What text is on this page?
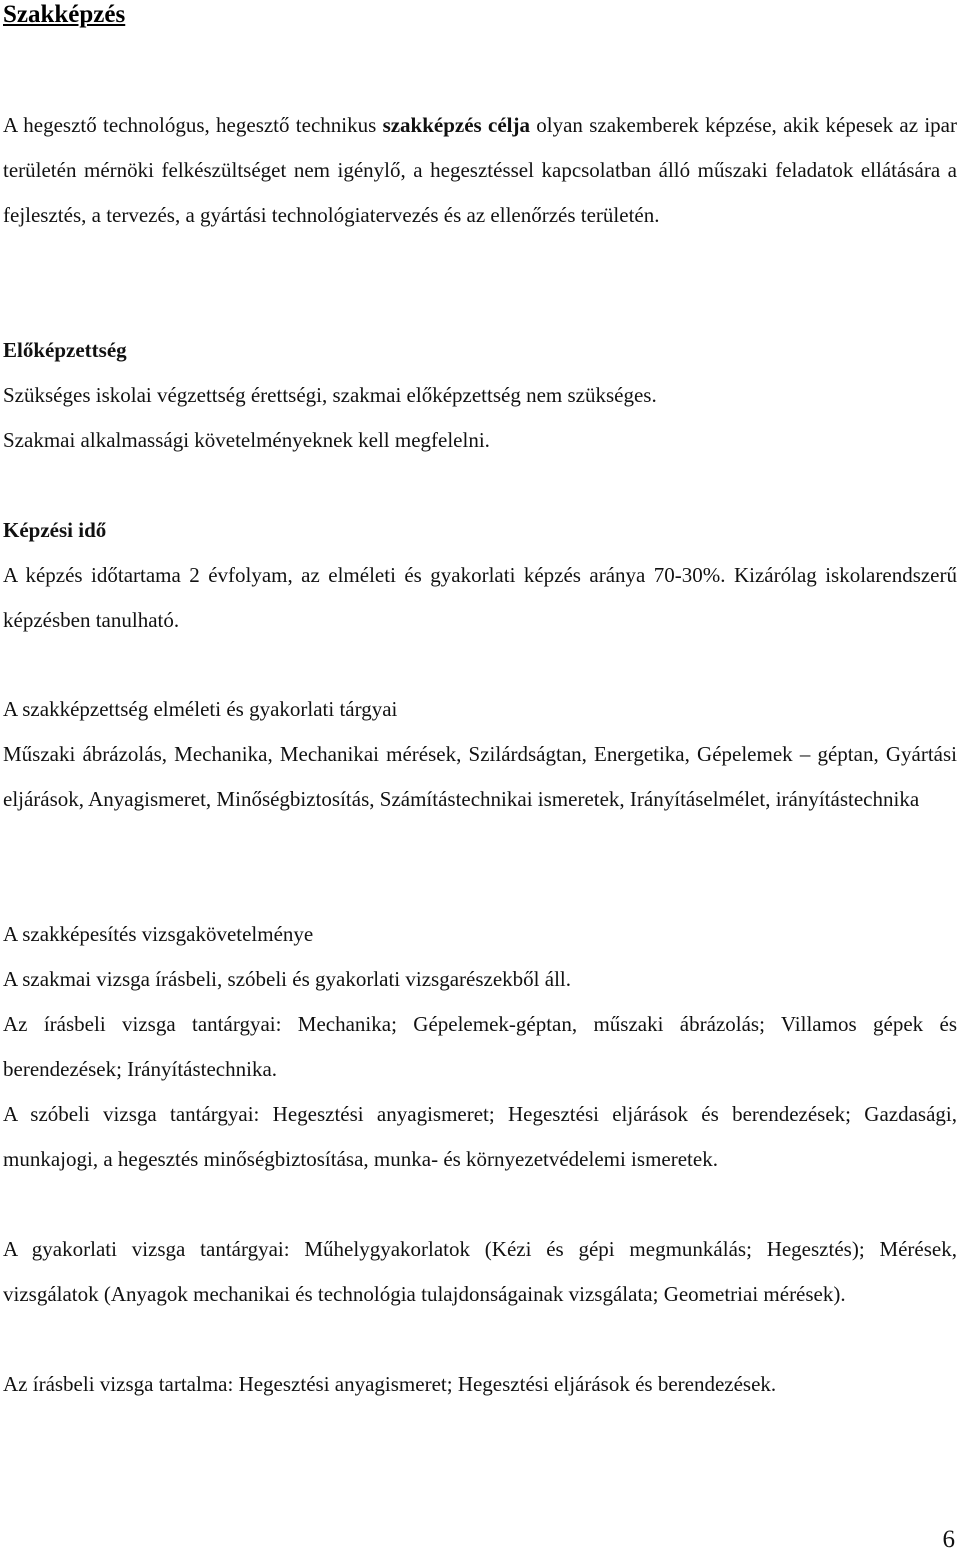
Szakképzés

A hegesztő technológus, hegesztő technikus szakképzés célja olyan szakemberek képzése, akik képesek az ipar területén mérnöki felkészültséget nem igénylő, a hegesztéssel kapcsolatban álló műszaki feladatok ellátására a fejlesztés, a tervezés, a gyártási technológiatervezés és az ellenőrzés területén.

Előképzettség

Szükséges iskolai végzettség érettségi, szakmai előképzettség nem szükséges.

Szakmai alkalmassági követelményeknek kell megfelelni.

Képzési idő

A képzés időtartama 2 évfolyam, az elméleti és gyakorlati képzés aránya 70-30%. Kizárólag iskolarendszerű képzésben tanulható.

A szakképzettség elméleti és gyakorlati tárgyai

Műszaki ábrázolás, Mechanika, Mechanikai mérések, Szilárdságtan, Energetika, Gépelemek – géptan, Gyártási eljárások, Anyagismeret, Minőségbiztosítás, Számítástechnikai ismeretek, Irányításelmélet, irányítástechnika

A szakképesítés vizsgakövetelménye

A szakmai vizsga írásbeli, szóbeli és gyakorlati vizsgarészekből áll.

Az írásbeli vizsga tantárgyai: Mechanika; Gépelemek-géptan, műszaki ábrázolás; Villamos gépek és berendezések; Irányítástechnika.

A szóbeli vizsga tantárgyai: Hegesztési anyagismeret; Hegesztési eljárások és berendezések; Gazdasági, munkajogi, a hegesztés minőségbiztosítása, munka- és környezetvédelemi ismeretek.

A gyakorlati vizsga tantárgyai: Műhelygyakorlatok (Kézi és gépi megmunkálás; Hegesztés); Mérések, vizsgálatok (Anyagok mechanikai és technológia tulajdonságainak vizsgálata; Geometriai mérések).

Az írásbeli vizsga tartalma: Hegesztési anyagismeret; Hegesztési eljárások és berendezések.

6
